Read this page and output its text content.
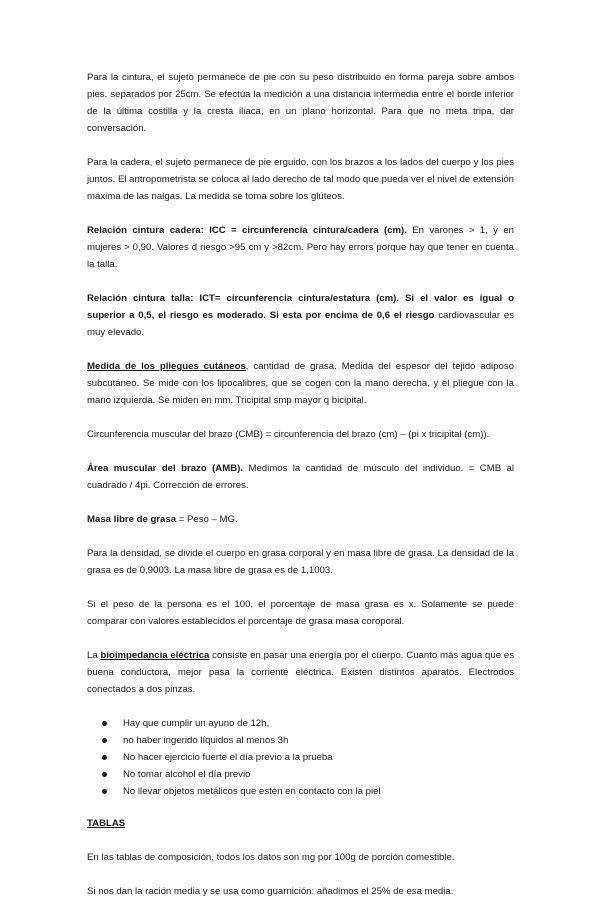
Para la cintura, el sujeto permanece de pie con su peso distribuido en forma pareja sobre ambos pies, separados por 25cm. Se efectúa la medición a una distancia intermedia entre el borde inferior de la última costilla y la cresta iliaca, en un plano horizontal. Para que no meta tripa, dar conversación.

Para la cadera, el sujeto permanece de pie erguido, con los brazos a los lados del cuerpo y los pies juntos. El antropometrista se coloca al lado derecho de tal modo que pueda ver el nivel de extensión máxima de las nalgas. La medida se toma sobre los glúteos.

Relación cintura cadera: ICC = circunferencia cintura/cadera (cm). En varones > 1, y en mujeres > 0,90. Valores d riesgo >95 cm y >82cm. Pero hay errors porque hay que tener en cuenta la talla.

Relación cintura talla: ICT= circunferencia cintura/estatura (cm). Si el valor es igual o superior a 0,5, el riesgo es moderado. Si esta por encima de 0,6 el riesgo cardiovascular es muy elevado.

Medida de los pliegues cutáneos, cantidad de grasa. Medida del espesor del tejido adiposo subcutáneo. Se mide con los lipocalibres, que se cogen con la mano derecha, y el pliegue con la mano izquierda. Se miden en mm. Tricipital smp mayor q bicipital.

Circunferencia muscular del brazo (CMB) = circunferencia del brazo (cm) – (pi x tricipital (cm)).

Área muscular del brazo (AMB). Medimos la cantidad de músculo del individuo. = CMB al cuadrado / 4pi. Corrección de errores.

Masa libre de grasa = Peso – MG.

Para la densidad, se divide el cuerpo en grasa corporal y en masa libre de grasa. La densidad de la grasa es de 0,9003. La masa libre de grasa es de 1,1003.

Si el peso de la persona es el 100, el porcentaje de masa grasa es x. Solamente se puede comparar con valores establecidos el porcentaje de grasa masa coroporal.

La bioimpedancia eléctrica consiste en pasar una energía por el cuerpo. Cuanto más agua que es buena conductora, mejor pasa la corriente eléctrica. Existen distintos aparatos. Electrodos conectados a dos pinzas.

Hay que cumplir un ayuno de 12h,
no haber ingerido líquidos al menos 3h
No hacer ejercicio fuerte el día previo a la prueba
No tomar alcohol el día previo
No llevar objetos metálicos que estén en contacto con la piel

TABLAS

En las tablas de composición, todos los datos son mg por 100g de porción comestible.

Si nos dan la ración media y se usa como guarnición: añadimos el 25% de esa media.
